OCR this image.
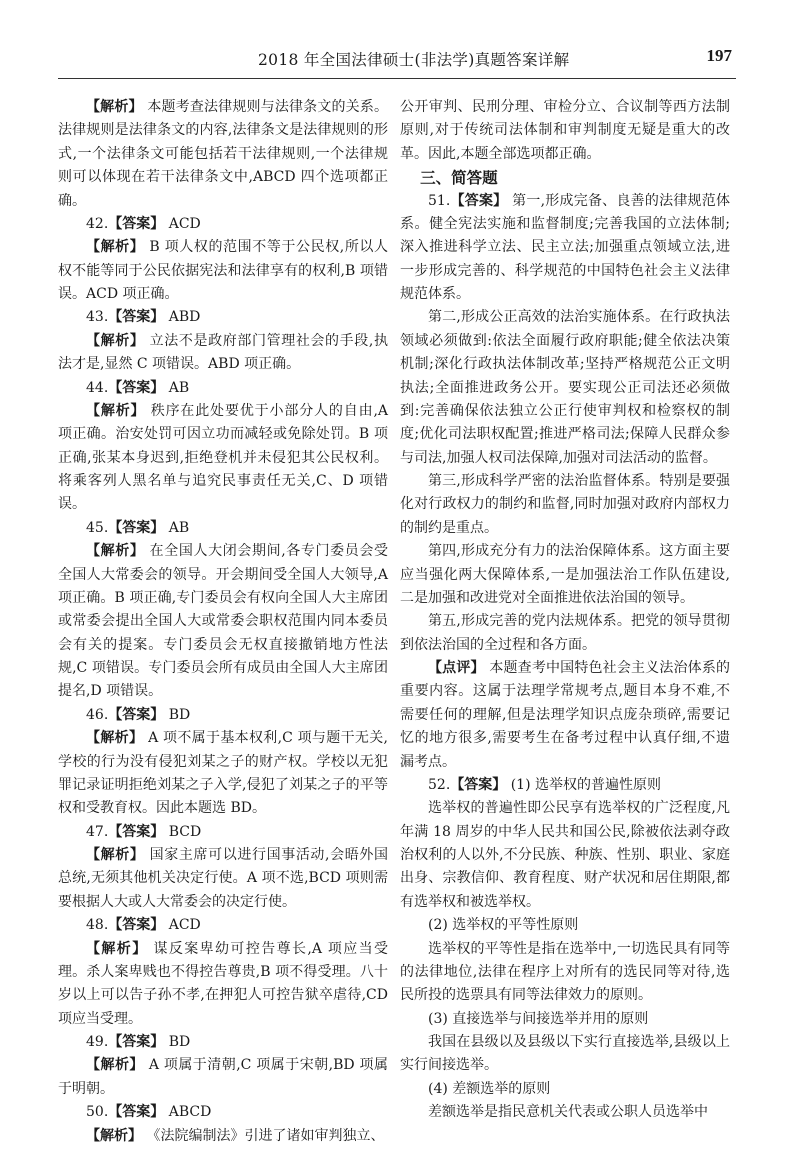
2018 年全国法律硕士(非法学)真题答案详解	197

【解析】 本题考查法律规则与法律条文的关系。法律规则是法律条文的内容,法律条文是法律规则的形式,一个法律条文可能包括若干法律规则,一个法律规则可以体现在若干法律条文中,ABCD 四个选项都正确。

42.【答案】 ACD

【解析】 B 项人权的范围不等于公民权,所以人权不能等同于公民依据宪法和法律享有的权利,B 项错误。ACD 项正确。

43.【答案】 ABD

【解析】 立法不是政府部门管理社会的手段,执法才是,显然 C 项错误。ABD 项正确。

44.【答案】 AB

【解析】 秩序在此处要优于小部分人的自由,A 项正确。治安处罚可因立功而减轻或免除处罚。B 项正确,张某本身迟到,拒绝登机并未侵犯其公民权利。将乘客列人黑名单与追究民事责任无关,C、D 项错误。

45.【答案】 AB

【解析】 在全国人大闭会期间,各专门委员会受全国人大常委会的领导。开会期间受全国人大领导,A 项正确。B 项正确,专门委员会有权向全国人大主席团或常委会提出全国人大或常委会职权范围内同本委员会有关的提案。专门委员会无权直接撤销地方性法规,C 项错误。专门委员会所有成员由全国人大主席团提名,D 项错误。

46.【答案】 BD

【解析】 A 项不属于基本权利,C 项与题干无关,学校的行为没有侵犯刘某之子的财产权。学校以无犯罪记录证明拒绝刘某之子入学,侵犯了刘某之子的平等权和受教育权。因此本题选 BD。

47.【答案】 BCD

【解析】 国家主席可以进行国事活动,会晤外国总统,无须其他机关决定行使。A 项不选,BCD 项则需要根据人大或人大常委会的决定行使。

48.【答案】 ACD

【解析】 谋反案卑幼可控告尊长,A 项应当受理。杀人案卑贱也不得控告尊贵,B 项不得受理。八十岁以上可以告子孙不孝,在押犯人可控告狱卒虐待,CD 项应当受理。

49.【答案】 BD

【解析】 A 项属于清朝,C 项属于宋朝,BD 项属于明朝。

50.【答案】 ABCD

【解析】 《法院编制法》引进了诸如审判独立、

公开审判、民刑分理、审检分立、合议制等西方法制原则,对于传统司法体制和审判制度无疑是重大的改革。因此,本题全部选项都正确。

三、简答题

51.【答案】 第一,形成完备、良善的法律规范体系。健全宪法实施和监督制度;完善我国的立法体制;深入推进科学立法、民主立法;加强重点领域立法,进一步形成完善的、科学规范的中国特色社会主义法律规范体系。

第二,形成公正高效的法治实施体系。在行政执法领域必须做到:依法全面履行政府职能;健全依法决策机制;深化行政执法体制改革;坚持严格规范公正文明执法;全面推进政务公开。要实现公正司法还必须做到:完善确保依法独立公正行使审判权和检察权的制度;优化司法职权配置;推进严格司法;保障人民群众参与司法,加强人权司法保障,加强对司法活动的监督。

第三,形成科学严密的法治监督体系。特别是要强化对行政权力的制约和监督,同时加强对政府内部权力的制约是重点。

第四,形成充分有力的法治保障体系。这方面主要应当强化两大保障体系,一是加强法治工作队伍建设,二是加强和改进党对全面推进依法治国的领导。

第五,形成完善的党内法规体系。把党的领导贯彻到依法治国的全过程和各方面。

【点评】 本题查考中国特色社会主义法治体系的重要内容。这属于法理学常规考点,题目本身不难,不需要任何的理解,但是法理学知识点庞杂琐碎,需要记忆的地方很多,需要考生在备考过程中认真仔细,不遗漏考点。

52.【答案】 (1) 选举权的普遍性原则

选举权的普遍性即公民享有选举权的广泛程度,凡年满 18 周岁的中华人民共和国公民,除被依法剥夺政治权利的人以外,不分民族、种族、性别、职业、家庭出身、宗教信仰、教育程度、财产状况和居住期限,都有选举权和被选举权。

(2) 选举权的平等性原则

选举权的平等性是指在选举中,一切选民具有同等的法律地位,法律在程序上对所有的选民同等对待,选民所投的选票具有同等法律效力的原则。

(3) 直接选举与间接选举并用的原则

我国在县级以及县级以下实行直接选举,县级以上实行间接选举。

(4) 差额选举的原则

差额选举是指民意机关代表或公职人员选举中
